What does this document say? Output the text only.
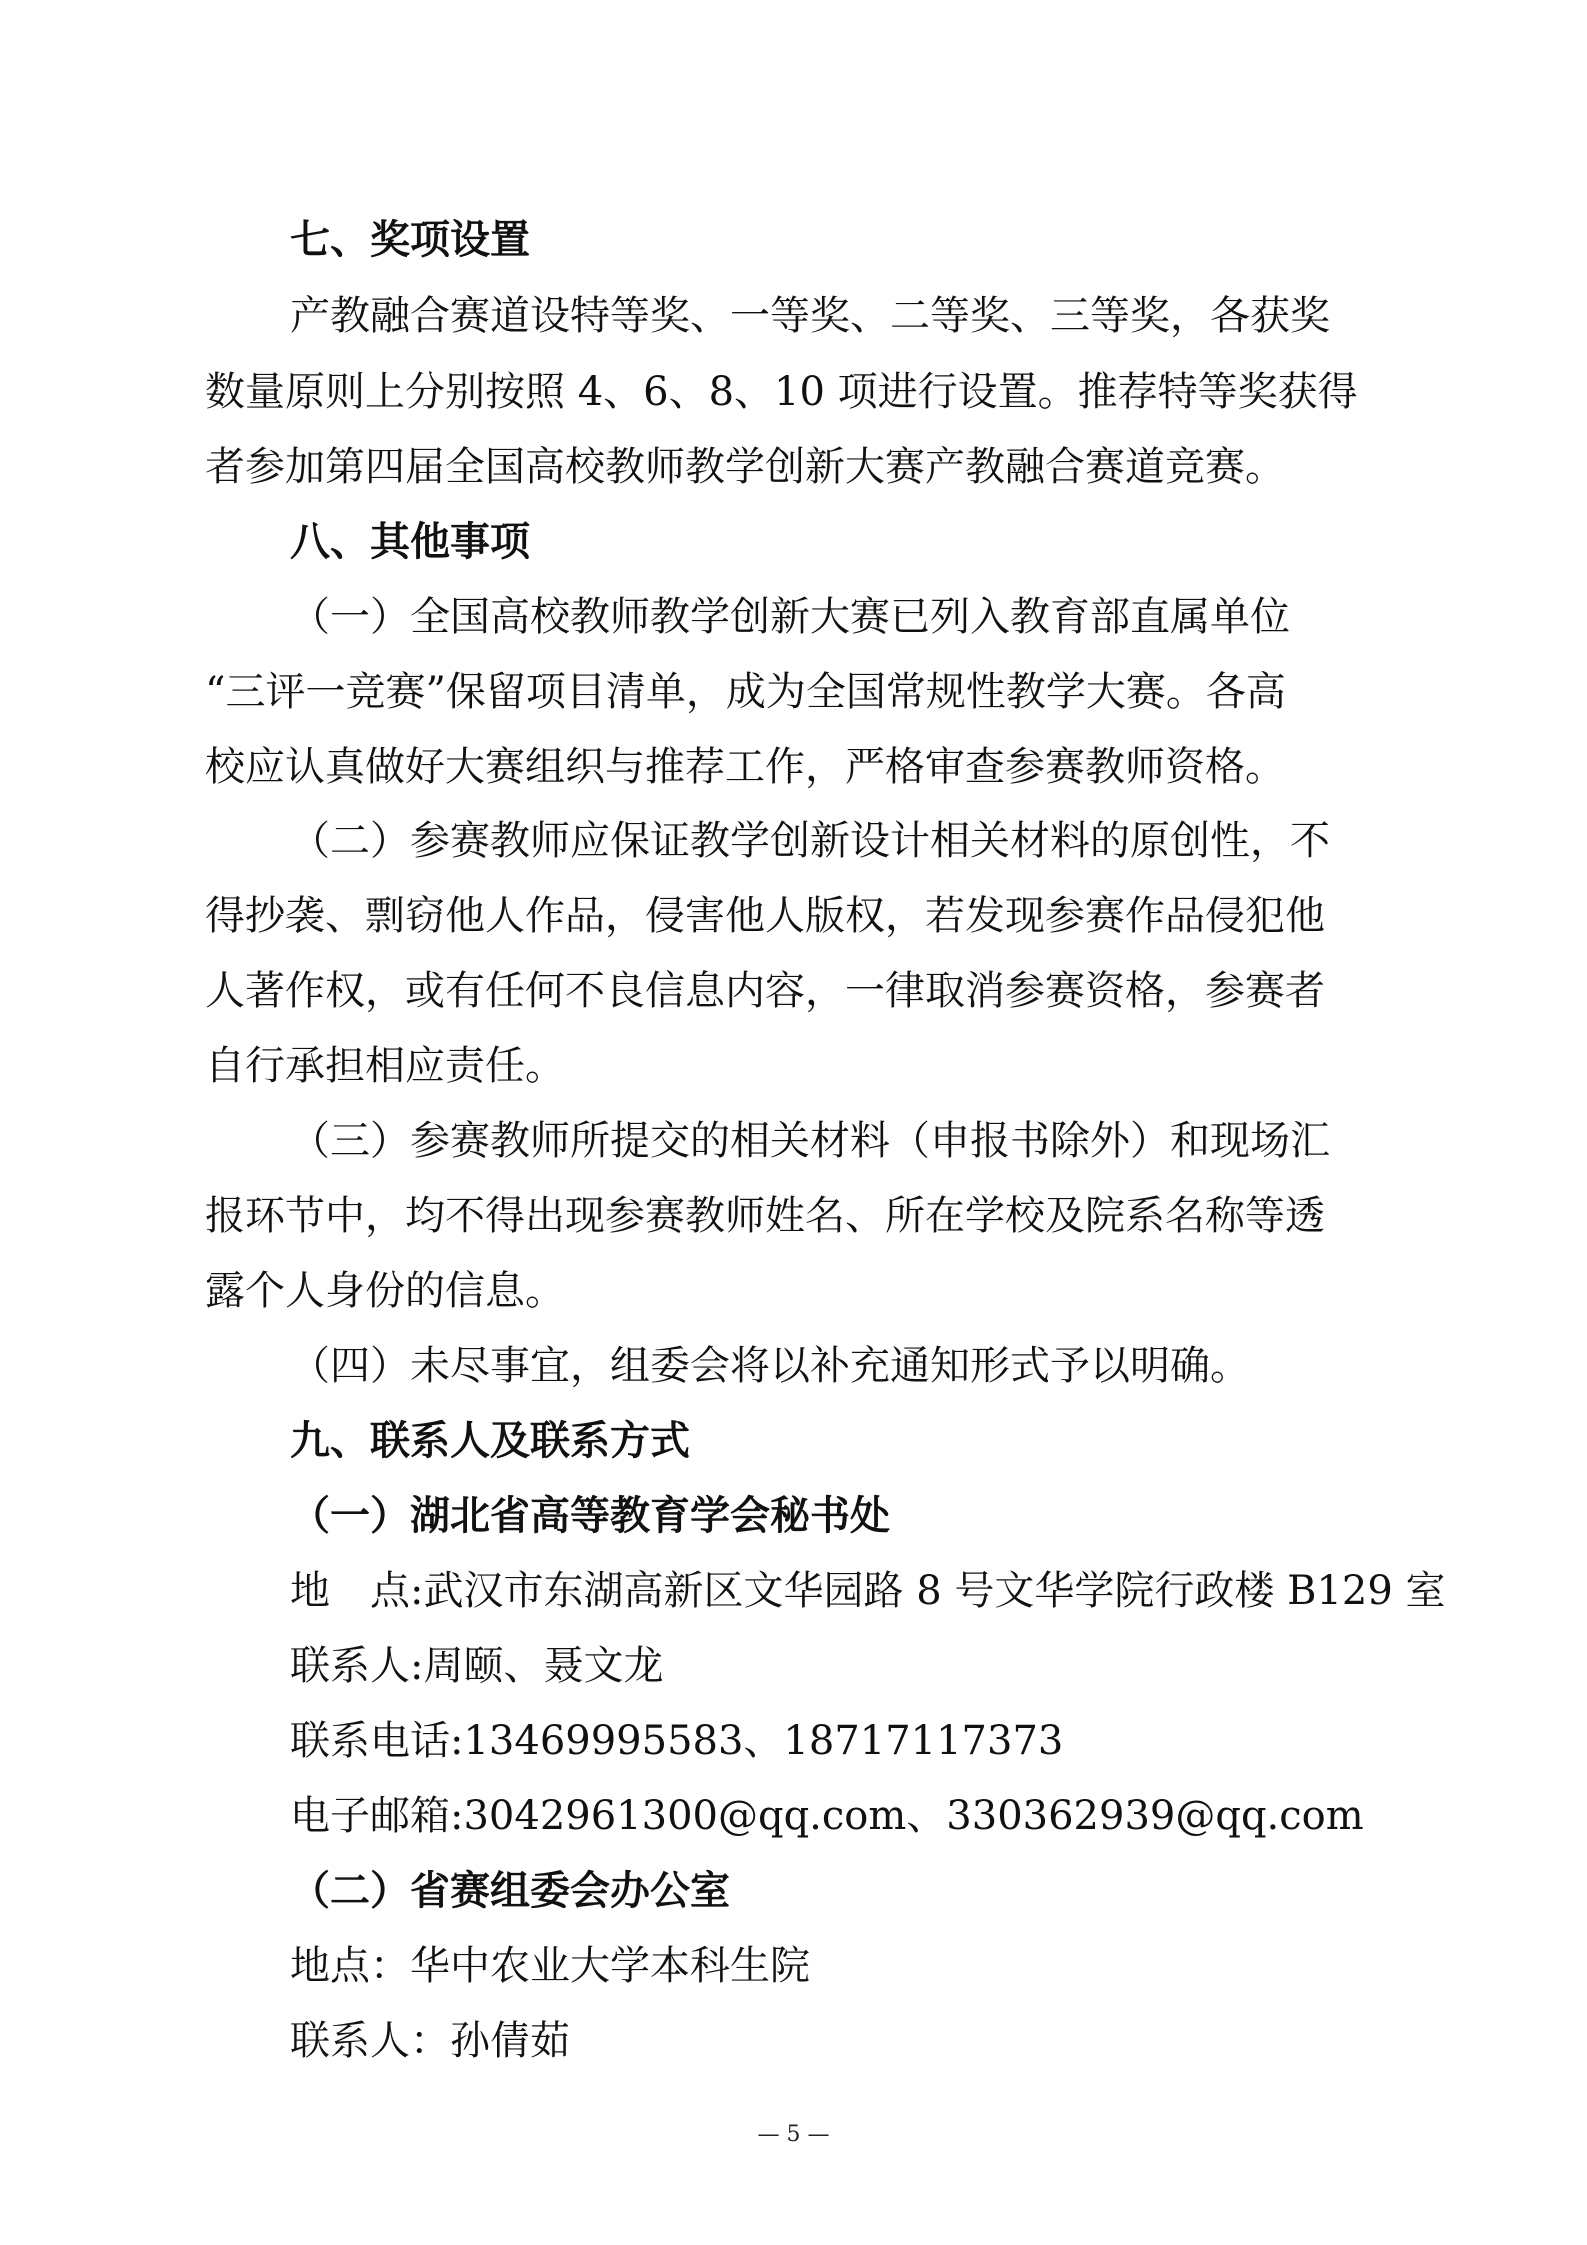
七、奖项设置
产教融合赛道设特等奖、一等奖、二等奖、三等奖，各获奖
数量原则上分别按照 4、6、8、10 项进行设置。推荐特等奖获得
者参加第四届全国高校教师教学创新大赛产教融合赛道竞赛。
八、其他事项
（一）全国高校教师教学创新大赛已列入教育部直属单位
“三评一竞赛”保留项目清单，成为全国常规性教学大赛。各高
校应认真做好大赛组织与推荐工作，严格审查参赛教师资格。
（二）参赛教师应保证教学创新设计相关材料的原创性，不
得抄袭、剽窃他人作品，侵害他人版权，若发现参赛作品侵犯他
人著作权，或有任何不良信息内容，一律取消参赛资格，参赛者
自行承担相应责任。
（三）参赛教师所提交的相关材料（申报书除外）和现场汇
报环节中，均不得出现参赛教师姓名、所在学校及院系名称等透
露个人身份的信息。
（四）未尽事宜，组委会将以补充通知形式予以明确。
九、联系人及联系方式
（一）湖北省高等教育学会秘书处
地　点:武汉市东湖高新区文华园路 8 号文华学院行政楼 B129 室
联系人:周颐、聂文龙
联系电话:13469995583、18717117373
电子邮箱:3042961300@qq.com、330362939@qq.com
（二）省赛组委会办公室
地点：华中农业大学本科生院
联系人：孙倩茹
— 5 —
